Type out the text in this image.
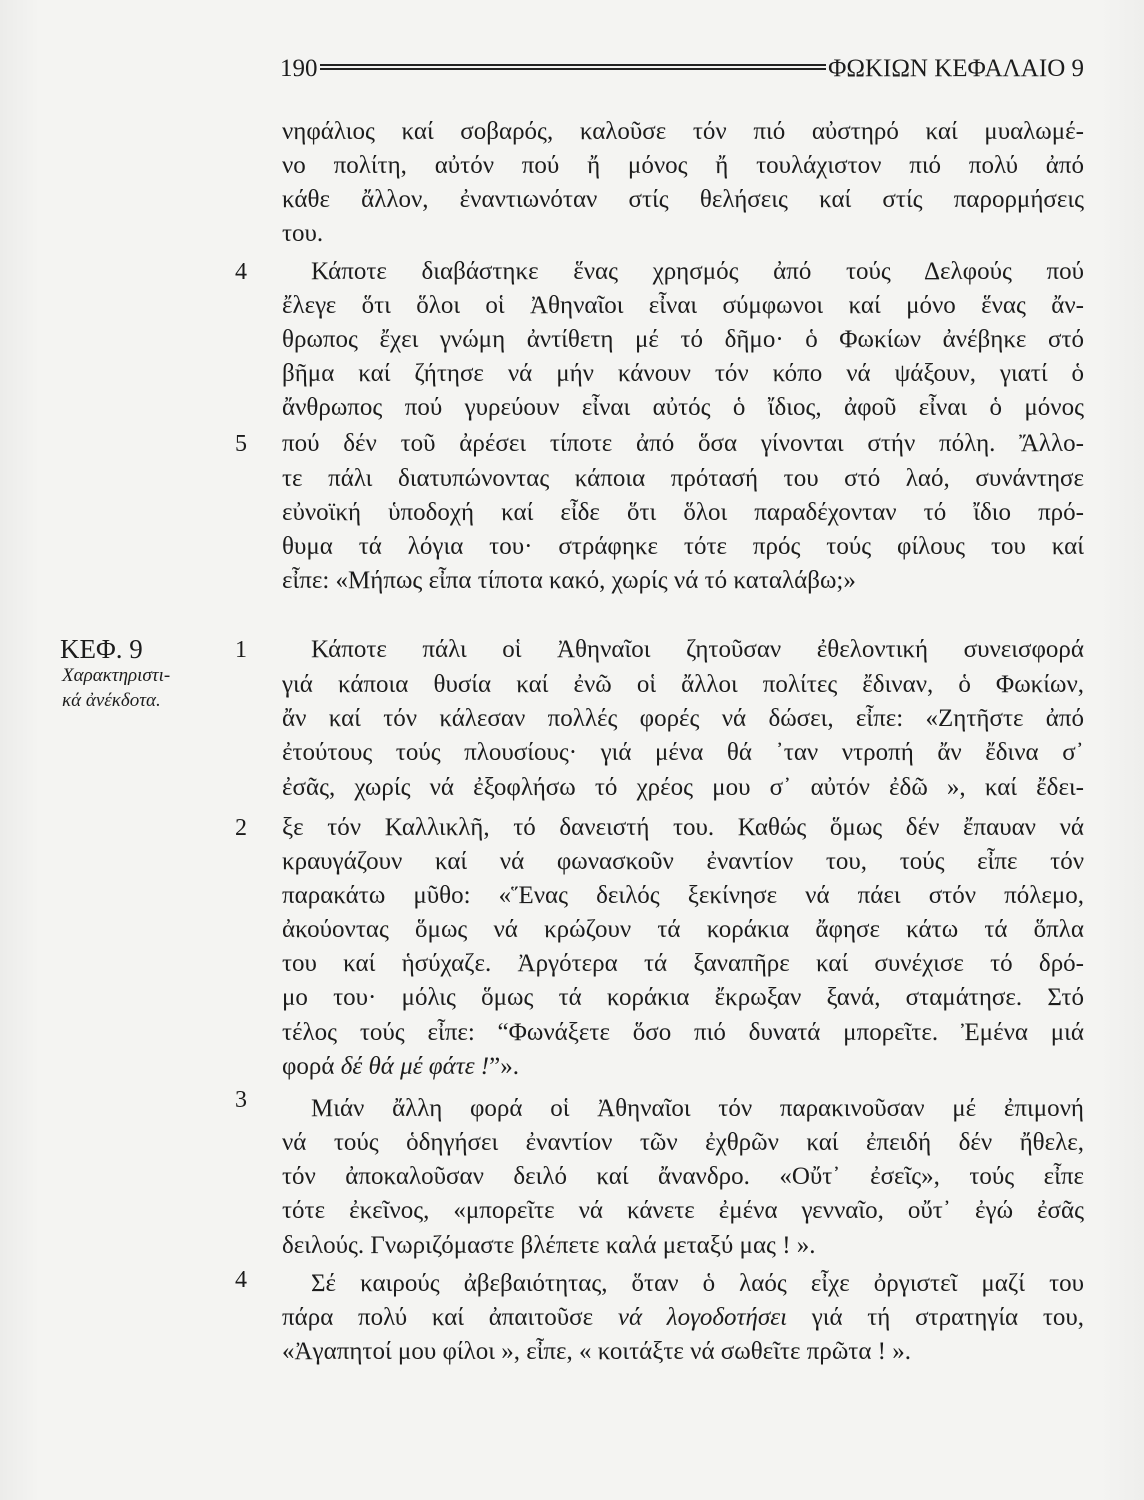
190	ΦΩΚΙΩΝ ΚΕΦΑΛΑΙΟ 9
ΚΕΦ. 9
Χαρακτηριστι-
κά ἀνέκδοτα.
4
5
1
2
3
4
νηφάλιος καί σοβαρός, καλοῦσε τόν πιό αὐστηρό καί μυαλωμέ-
νο πολίτη, αὐτόν πού ἤ μόνος ἤ τουλάχιστον πιό πολύ ἀπό
κάθε ἄλλον, ἐναντιωνόταν στίς θελήσεις καί στίς παρορμήσεις
του.
Κάποτε διαβάστηκε ἕνας χρησμός ἀπό τούς Δελφούς πού
ἔλεγε ὅτι ὅλοι οἱ Ἀθηναῖοι εἶναι σύμφωνοι καί μόνο ἕνας ἄν-
θρωπος ἔχει γνώμη ἀντίθετη μέ τό δῆμο· ὁ Φωκίων ἀνέβηκε στό
βῆμα καί ζήτησε νά μήν κάνουν τόν κόπο νά ψάξουν, γιατί ὁ
ἄνθρωπος πού γυρεύουν εἶναι αὐτός ὁ ἴδιος, ἀφοῦ εἶναι ὁ μόνος
πού δέν τοῦ ἀρέσει τίποτε ἀπό ὅσα γίνονται στήν πόλη. Ἄλλο-
τε πάλι διατυπώνοντας κάποια πρότασή του στό λαό, συνάντησε
εὐνοϊκή ὑποδοχή καί εἶδε ὅτι ὅλοι παραδέχονταν τό ἴδιο πρό-
θυμα τά λόγια του· στράφηκε τότε πρός τούς φίλους του καί
εἶπε: «Μήπως εἶπα τίποτα κακό, χωρίς νά τό καταλάβω;»
Κάποτε πάλι οἱ Ἀθηναῖοι ζητοῦσαν ἐθελοντική συνεισφορά
γιά κάποια θυσία καί ἐνῶ οἱ ἄλλοι πολίτες ἔδιναν, ὁ Φωκίων,
ἄν καί τόν κάλεσαν πολλές φορές νά δώσει, εἶπε: «Ζητῆστε ἀπό
ἐτούτους τούς πλουσίους· γιά μένα θά ᾽ταν ντροπή ἄν ἔδινα σ᾽
ἐσᾶς, χωρίς νά ἐξοφλήσω τό χρέος μου σ᾽ αὐτόν ἐδῶ », καί ἔδει-
ξε τόν Καλλικλῆ, τό δανειστή του. Καθώς ὅμως δέν ἔπαυαν νά
κραυγάζουν καί νά φωνασκοῦν ἐναντίον του, τούς εἶπε τόν
παρακάτω μῦθο: «Ἕνας δειλός ξεκίνησε νά πάει στόν πόλεμο,
ἀκούοντας ὅμως νά κρώζουν τά κοράκια ἄφησε κάτω τά ὅπλα
του καί ἡσύχαζε. Ἀργότερα τά ξαναπῆρε καί συνέχισε τό δρό-
μο του· μόλις ὅμως τά κοράκια ἔκρωξαν ξανά, σταμάτησε. Στό
τέλος τούς εἶπε: “Φωνάξετε ὅσο πιό δυνατά μπορεῖτε. Ἐμένα μιά
φορά δέ θά μέ φάτε !”».
Μιάν ἄλλη φορά οἱ Ἀθηναῖοι τόν παρακινοῦσαν μέ ἐπιμονή
νά τούς ὁδηγήσει ἐναντίον τῶν ἐχθρῶν καί ἐπειδή δέν ἤθελε,
τόν ἀποκαλοῦσαν δειλό καί ἄνανδρο. «Οὔτ᾽ ἐσεῖς», τούς εἶπε
τότε ἐκεῖνος, «μπορεῖτε νά κάνετε ἐμένα γενναῖο, οὔτ᾽ ἐγώ ἐσᾶς
δειλούς. Γνωριζόμαστε βλέπετε καλά μεταξύ μας ! ».
Σέ καιρούς ἀβεβαιότητας, ὅταν ὁ λαός εἶχε ὀργιστεῖ μαζί του
πάρα πολύ καί ἀπαιτοῦσε νά λογοδοτήσει γιά τή στρατηγία του,
«Ἀγαπητοί μου φίλοι », εἶπε, « κοιτάξτε νά σωθεῖτε πρῶτα ! ».
